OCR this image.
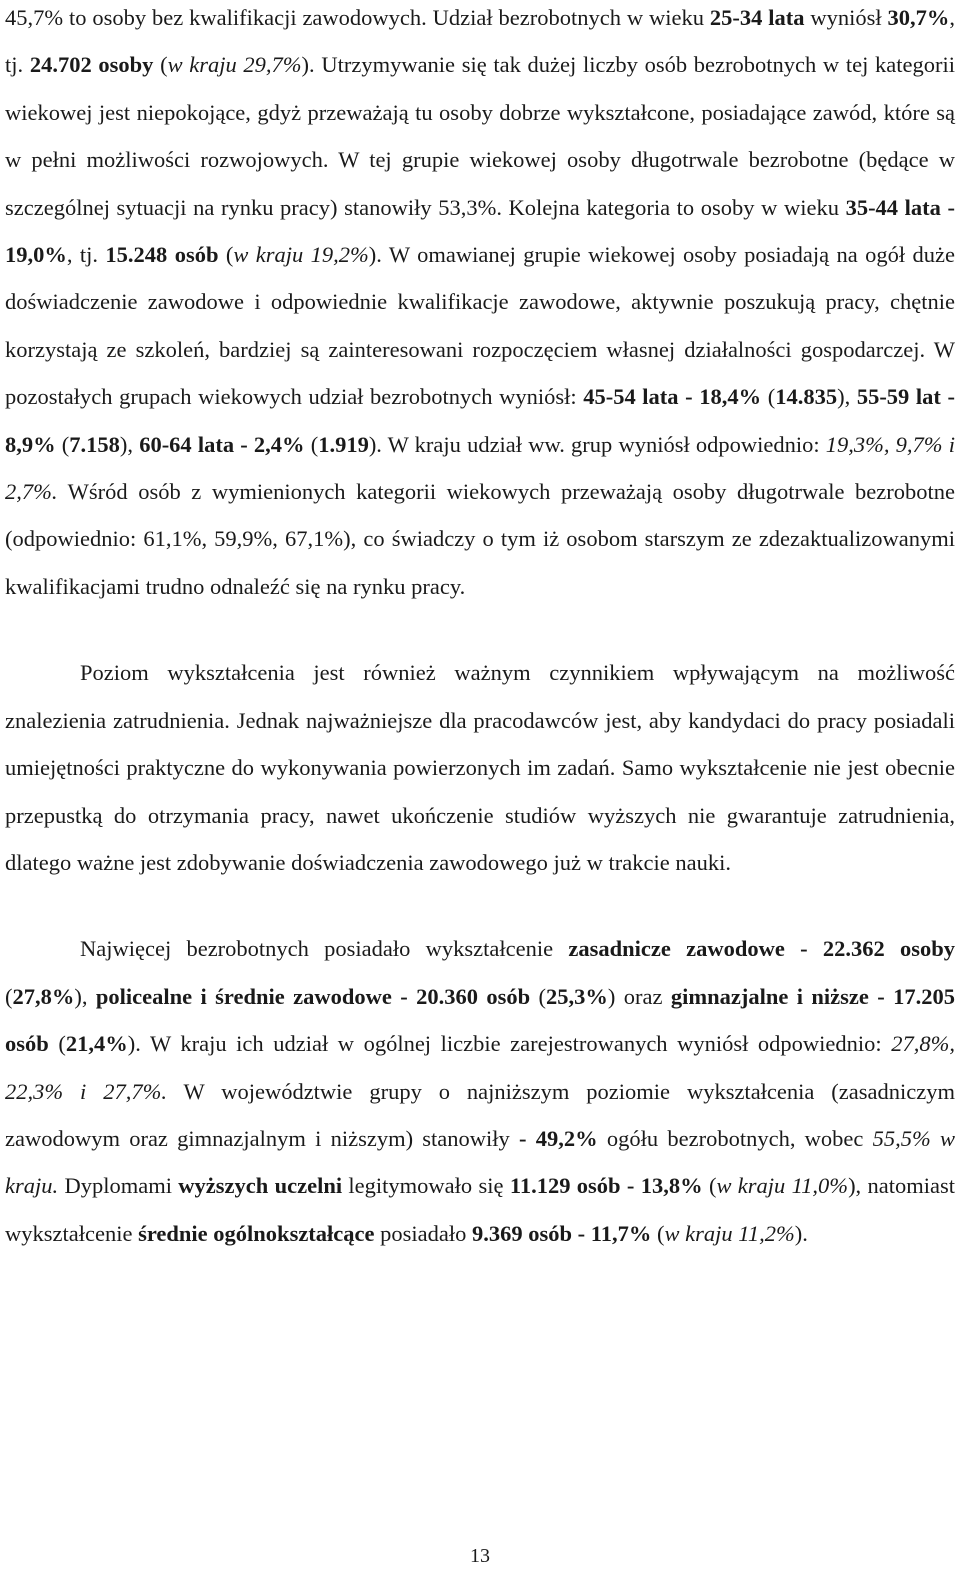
45,7% to osoby bez kwalifikacji zawodowych. Udział bezrobotnych w wieku 25-34 lata wyniósł 30,7%, tj. 24.702 osoby (w kraju 29,7%). Utrzymywanie się tak dużej liczby osób bezrobotnych w tej kategorii wiekowej jest niepokojące, gdyż przeważają tu osoby dobrze wykształcone, posiadające zawód, które są w pełni możliwości rozwojowych. W tej grupie wiekowej osoby długotrwale bezrobotne (będące w szczególnej sytuacji na rynku pracy) stanowiły 53,3%. Kolejna kategoria to osoby w wieku 35-44 lata - 19,0%, tj. 15.248 osób (w kraju 19,2%). W omawianej grupie wiekowej osoby posiadają na ogół duże doświadczenie zawodowe i odpowiednie kwalifikacje zawodowe, aktywnie poszukują pracy, chętnie korzystają ze szkoleń, bardziej są zainteresowani rozpoczęciem własnej działalności gospodarczej. W pozostałych grupach wiekowych udział bezrobotnych wyniósł: 45-54 lata - 18,4% (14.835), 55-59 lat - 8,9% (7.158), 60-64 lata - 2,4% (1.919). W kraju udział ww. grup wyniósł odpowiednio: 19,3%, 9,7% i 2,7%. Wśród osób z wymienionych kategorii wiekowych przeważają osoby długotrwale bezrobotne (odpowiednio: 61,1%, 59,9%, 67,1%), co świadczy o tym iż osobom starszym ze zdezaktualizowanymi kwalifikacjami trudno odnaleźć się na rynku pracy.

Poziom wykształcenia jest również ważnym czynnikiem wpływającym na możliwość znalezienia zatrudnienia. Jednak najważniejsze dla pracodawców jest, aby kandydaci do pracy posiadali umiejętności praktyczne do wykonywania powierzonych im zadań. Samo wykształcenie nie jest obecnie przepustką do otrzymania pracy, nawet ukończenie studiów wyższych nie gwarantuje zatrudnienia, dlatego ważne jest zdobywanie doświadczenia zawodowego już w trakcie nauki.

Najwięcej bezrobotnych posiadało wykształcenie zasadnicze zawodowe - 22.362 osoby (27,8%), policealne i średnie zawodowe - 20.360 osób (25,3%) oraz gimnazjalne i niższe - 17.205 osób (21,4%). W kraju ich udział w ogólnej liczbie zarejestrowanych wyniósł odpowiednio: 27,8%, 22,3% i 27,7%. W województwie grupy o najniższym poziomie wykształcenia (zasadniczym zawodowym oraz gimnazjalnym i niższym) stanowiły - 49,2% ogółu bezrobotnych, wobec 55,5% w kraju. Dyplomami wyższych uczelni legitymowało się 11.129 osób - 13,8% (w kraju 11,0%), natomiast wykształcenie średnie ogólnokształcące posiadało 9.369 osób - 11,7% (w kraju 11,2%).

13
